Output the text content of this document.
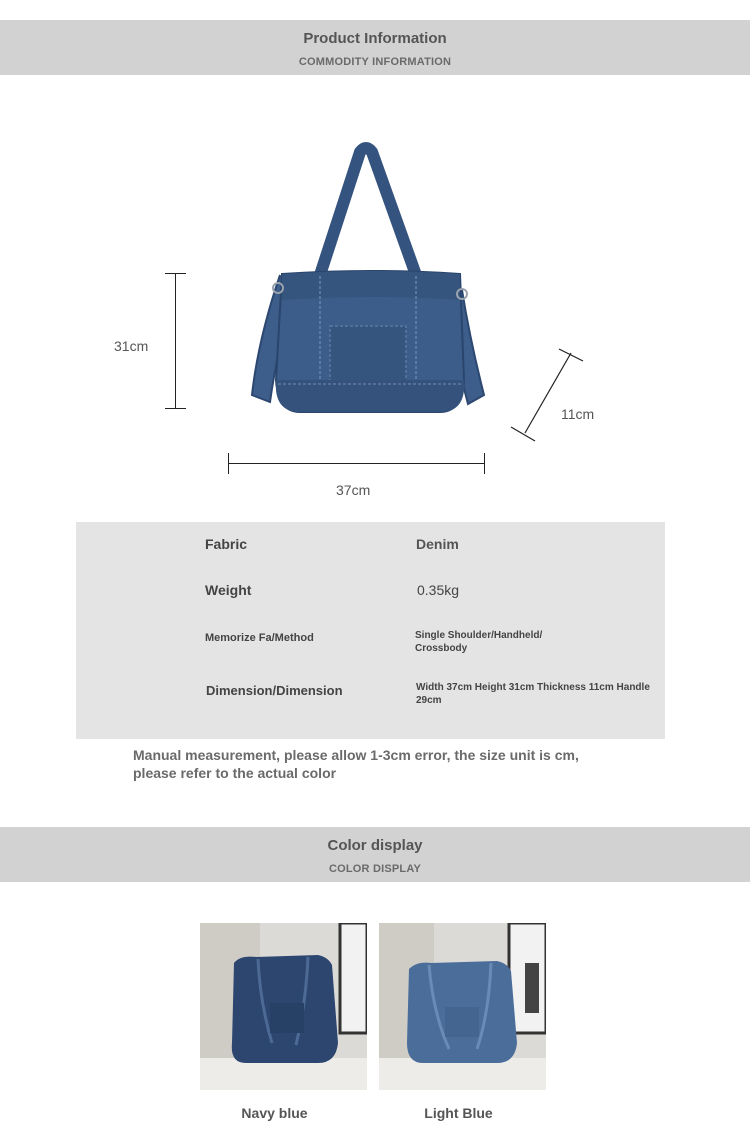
Product Information
COMMODITY INFORMATION
31cm
11cm
37cm
Fabric	Denim
Weight	0.35kg
Memorize Fa/Method	Single Shoulder/Handheld/
Crossbody
Dimension/Dimension	Width 37cm Height 31cm Thickness 11cm Handle
29cm
Manual measurement, please allow 1-3cm error, the size unit is cm,
please refer to the actual color
Color display
COLOR DISPLAY
Navy blue	Light Blue
